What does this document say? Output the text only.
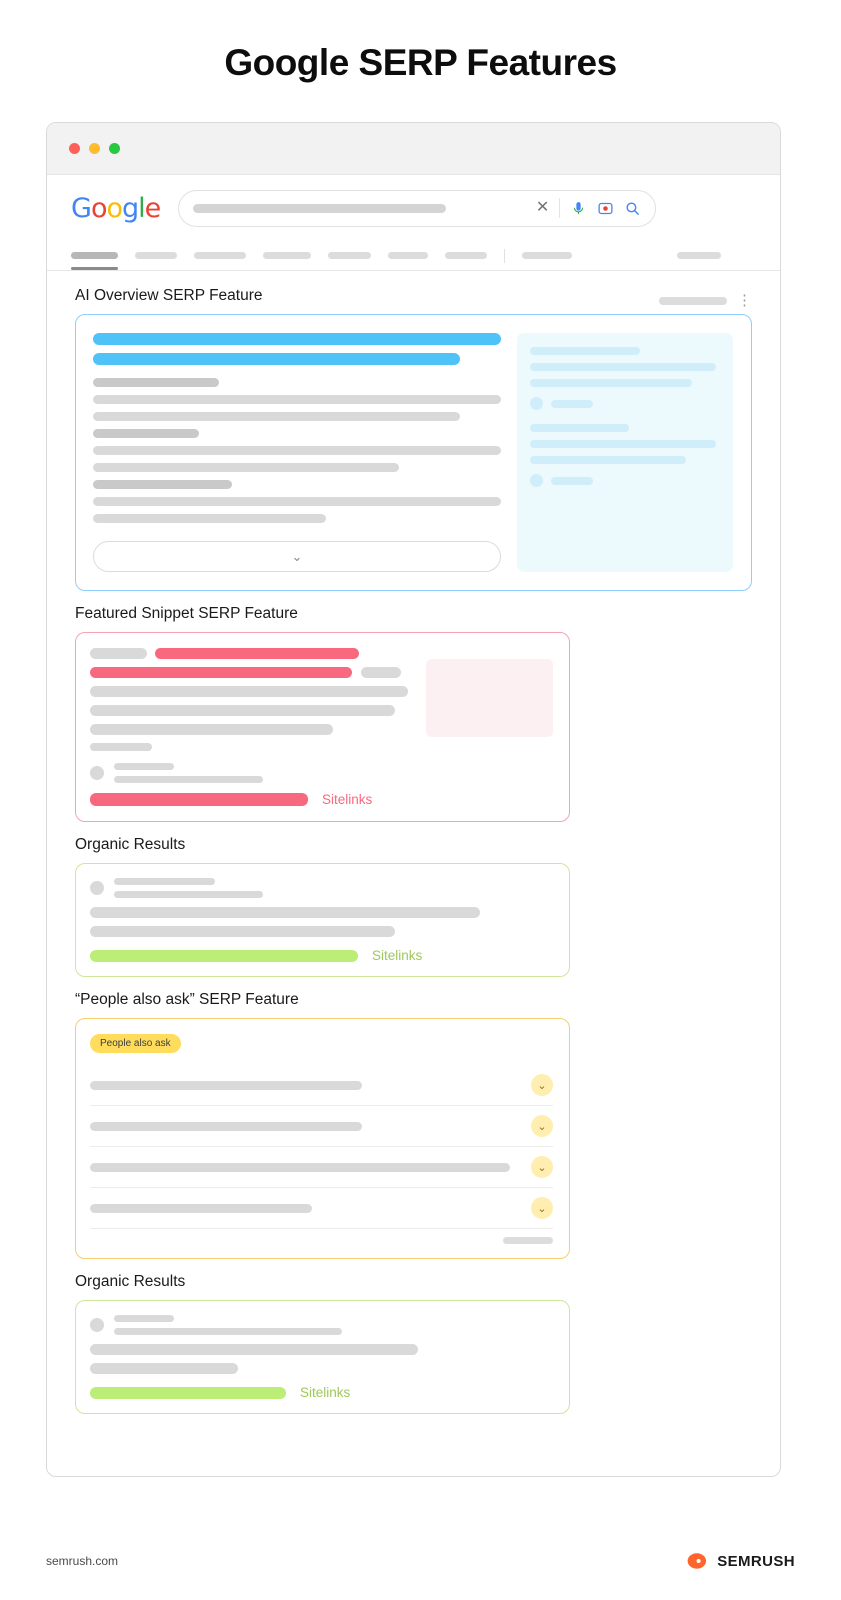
Google SERP Features
G o o g l e	✕
AI Overview SERP Feature	⋮
⌄
Featured Snippet SERP Feature
Sitelinks
Organic Results
Sitelinks
“People also ask” SERP Feature
People also ask
⌄
⌄
⌄
⌄
Organic Results
Sitelinks
semrush.com	SEMRUSH
